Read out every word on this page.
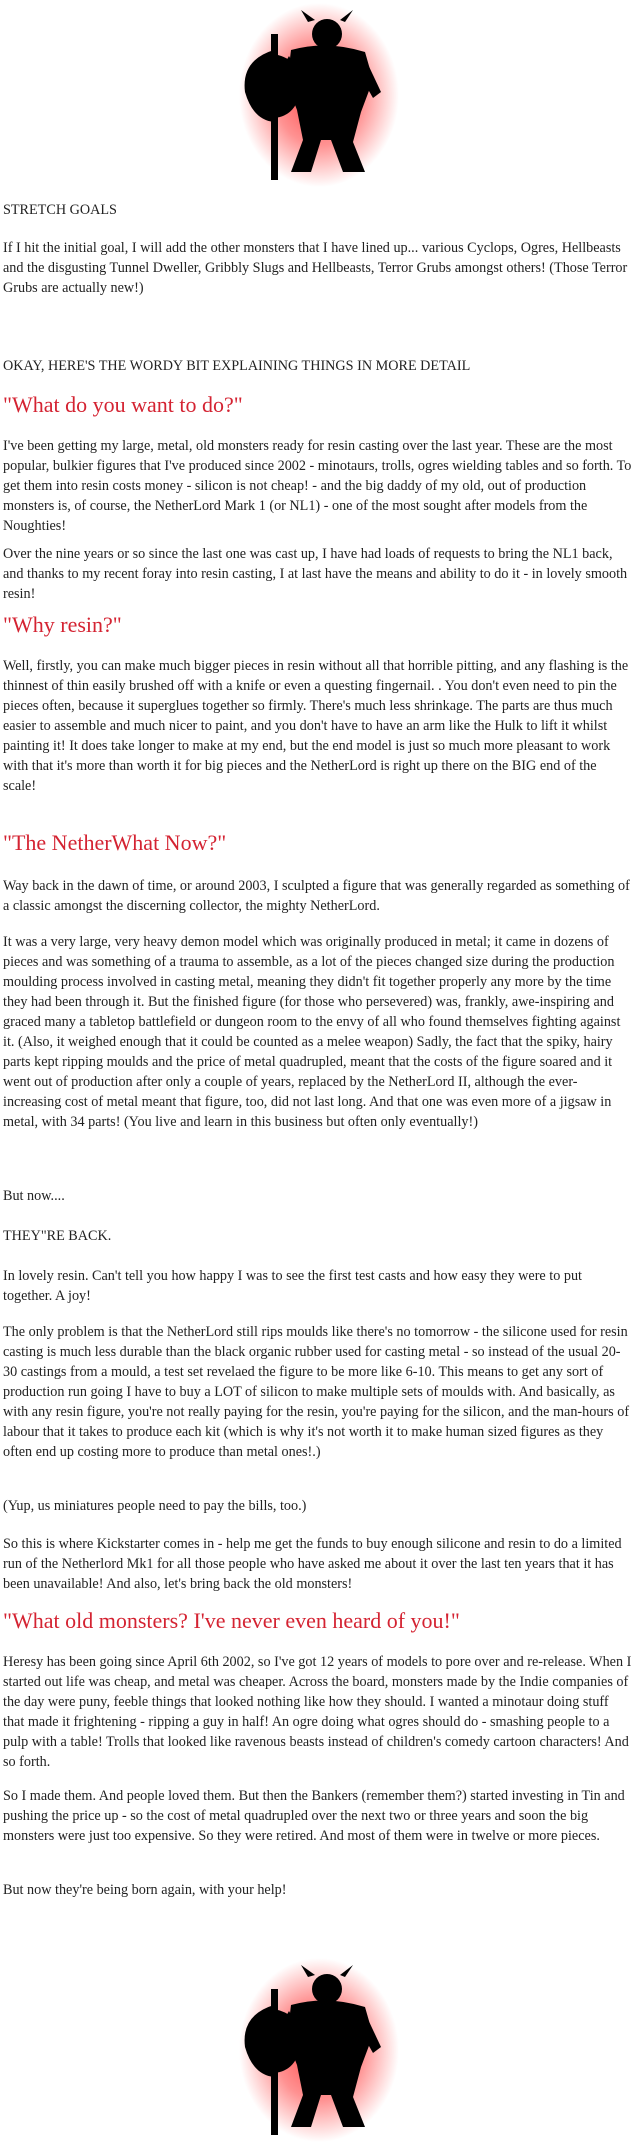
STRETCH GOALS

If I hit the initial goal, I will add the other monsters that I have lined up... various Cyclops, Ogres, Hellbeasts and the disgusting Tunnel Dweller, Gribbly Slugs and Hellbeasts, Terror Grubs amongst others! (Those Terror Grubs are actually new!)

OKAY, HERE'S THE WORDY BIT EXPLAINING THINGS IN MORE DETAIL

"What do you want to do?"

I've been getting my large, metal, old monsters ready for resin casting over the last year. These are the most popular, bulkier figures that I've produced since 2002 - minotaurs, trolls, ogres wielding tables and so forth. To get them into resin costs money - silicon is not cheap! - and the big daddy of my old, out of production monsters is, of course, the NetherLord Mark 1 (or NL1) - one of the most sought after models from the Noughties!

Over the nine years or so since the last one was cast up, I have had loads of requests to bring the NL1 back, and thanks to my recent foray into resin casting, I at last have the means and ability to do it - in lovely smooth resin!

"Why resin?"

Well, firstly, you can make much bigger pieces in resin without all that horrible pitting, and any flashing is the thinnest of thin easily brushed off with a knife or even a questing fingernail. . You don't even need to pin the pieces often, because it superglues together so firmly. There's much less shrinkage. The parts are thus much easier to assemble and much nicer to paint, and you don't have to have an arm like the Hulk to lift it whilst painting it! It does take longer to make at my end, but the end model is just so much more pleasant to work with that it's more than worth it for big pieces and the NetherLord is right up there on the BIG end of the scale!

"The NetherWhat Now?"

Way back in the dawn of time, or around 2003, I sculpted a figure that was generally regarded as something of a classic amongst the discerning collector, the mighty NetherLord.

It was a very large, very heavy demon model which was originally produced in metal; it came in dozens of pieces and was something of a trauma to assemble, as a lot of the pieces changed size during the production moulding process involved in casting metal, meaning they didn't fit together properly any more by the time they had been through it. But the finished figure (for those who persevered) was, frankly, awe-inspiring and graced many a tabletop battlefield or dungeon room to the envy of all who found themselves fighting against it. (Also, it weighed enough that it could be counted as a melee weapon) Sadly, the fact that the spiky, hairy parts kept ripping moulds and the price of metal quadrupled, meant that the costs of the figure soared and it went out of production after only a couple of years, replaced by the NetherLord II, although the ever-increasing cost of metal meant that figure, too, did not last long. And that one was even more of a jigsaw in metal, with 34 parts! (You live and learn in this business but often only eventually!)

But now....

THEY"RE BACK.

In lovely resin. Can't tell you how happy I was to see the first test casts and how easy they were to put together. A joy!

The only problem is that the NetherLord still rips moulds like there's no tomorrow - the silicone used for resin casting is much less durable than the black organic rubber used for casting metal - so instead of the usual 20-30 castings from a mould, a test set revelaed the figure to be more like 6-10. This means to get any sort of production run going I have to buy a LOT of silicon to make multiple sets of moulds with. And basically, as with any resin figure, you're not really paying for the resin, you're paying for the silicon, and the man-hours of labour that it takes to produce each kit (which is why it's not worth it to make human sized figures as they often end up costing more to produce than metal ones!.)

(Yup, us miniatures people need to pay the bills, too.)

So this is where Kickstarter comes in - help me get the funds to buy enough silicone and resin to do a limited run of the Netherlord Mk1 for all those people who have asked me about it over the last ten years that it has been unavailable! And also, let's bring back the old monsters!

"What old monsters? I've never even heard of you!"

Heresy has been going since April 6th 2002, so I've got 12 years of models to pore over and re-release. When I started out life was cheap, and metal was cheaper. Across the board, monsters made by the Indie companies of the day were puny, feeble things that looked nothing like how they should. I wanted a minotaur doing stuff that made it frightening - ripping a guy in half! An ogre doing what ogres should do - smashing people to a pulp with a table! Trolls that looked like ravenous beasts instead of children's comedy cartoon characters! And so forth.

So I made them. And people loved them. But then the Bankers (remember them?) started investing in Tin and pushing the price up - so the cost of metal quadrupled over the next two or three years and soon the big monsters were just too expensive. So they were retired. And most of them were in twelve or more pieces.

But now they're being born again, with your help!
